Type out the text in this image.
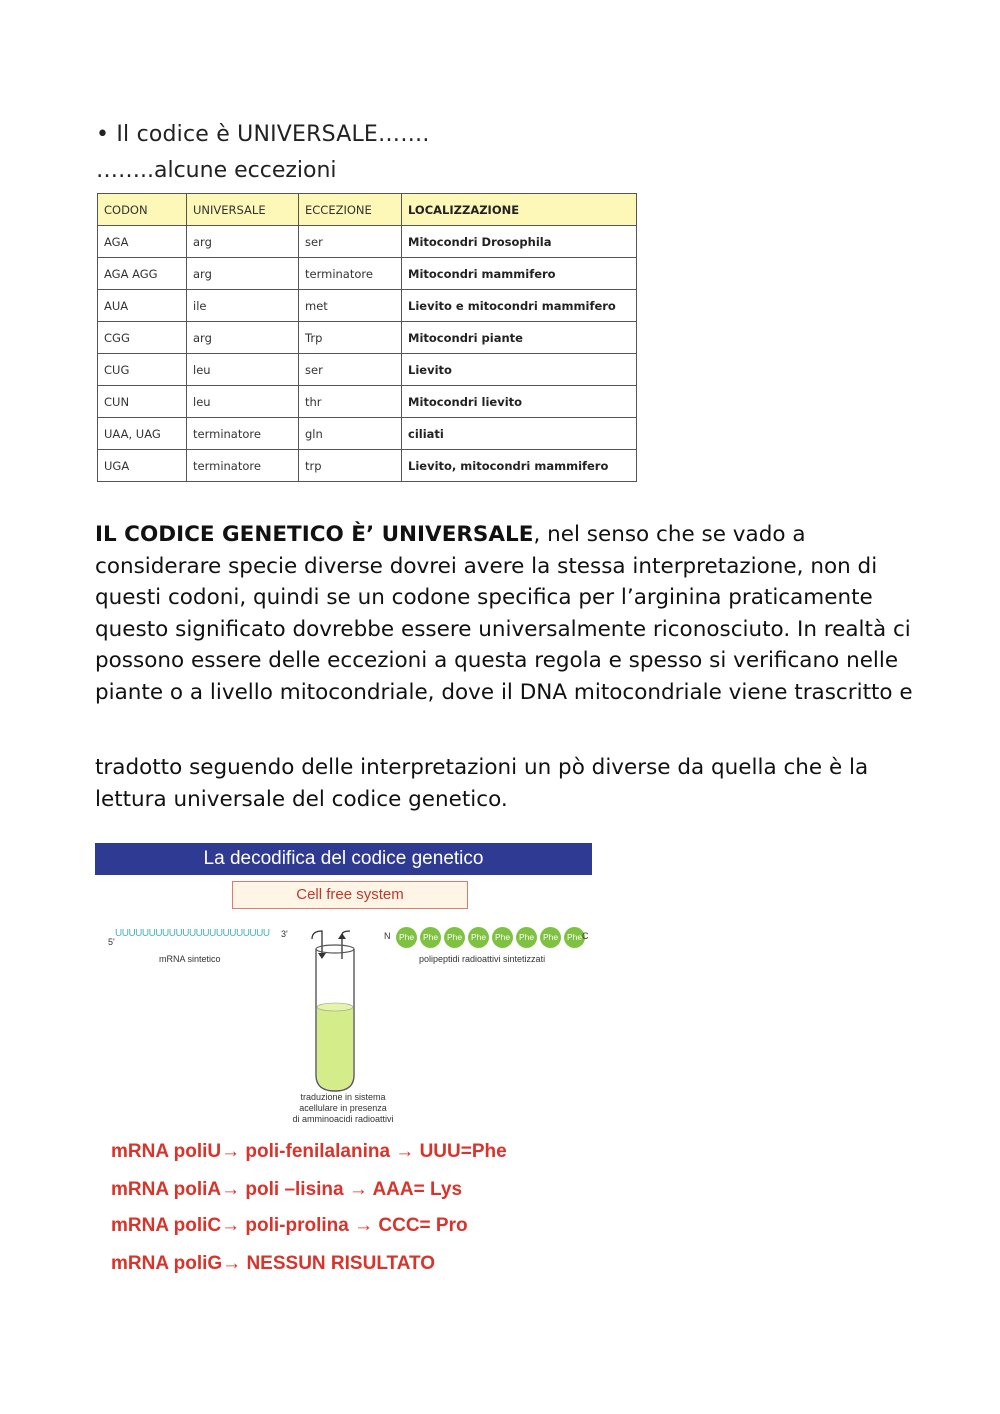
• Il codice è UNIVERSALE…….
……..alcune eccezioni
CODON	UNIVERSALE	ECCEZIONE	LOCALIZZAZIONE
AGA	arg	ser	Mitocondri Drosophila
AGA AGG	arg	terminatore	Mitocondri mammifero
AUA	ile	met	Lievito e mitocondri mammifero
CGG	arg	Trp	Mitocondri piante
CUG	leu	ser	Lievito
CUN	leu	thr	Mitocondri lievito
UAA, UAG	terminatore	gln	ciliati
UGA	terminatore	trp	Lievito, mitocondri mammifero

IL CODICE GENETICO È’ UNIVERSALE, nel senso che se vado a considerare specie diverse dovrei avere la stessa interpretazione, non di questi codoni, quindi se un codone specifica per l’arginina praticamente questo significato dovrebbe essere universalmente riconosciuto. In realtà ci possono essere delle eccezioni a questa regola e spesso si verificano nelle piante o a livello mitocondriale, dove il DNA mitocondriale viene trascritto e

tradotto seguendo delle interpretazioni un pò diverse da quella che è la lettura universale del codice genetico.

La decodifica del codice genetico
Cell free system
5'
UUUUUUUUUUUUUUUUUUUUUUU 3'
mRNA sintetico
N Phe	Phe	Phe	Phe	Phe	Phe	Phe	Phe C
polipeptidi radioattivi sintetizzati
traduzione in sistema
acellulare in presenza
di amminoacidi radioattivi
mRNA poliU→ poli-fenilalanina → UUU=Phe
mRNA poliA→ poli –lisina → AAA= Lys
mRNA poliC→ poli-prolina → CCC= Pro
mRNA poliG→ NESSUN RISULTATO
